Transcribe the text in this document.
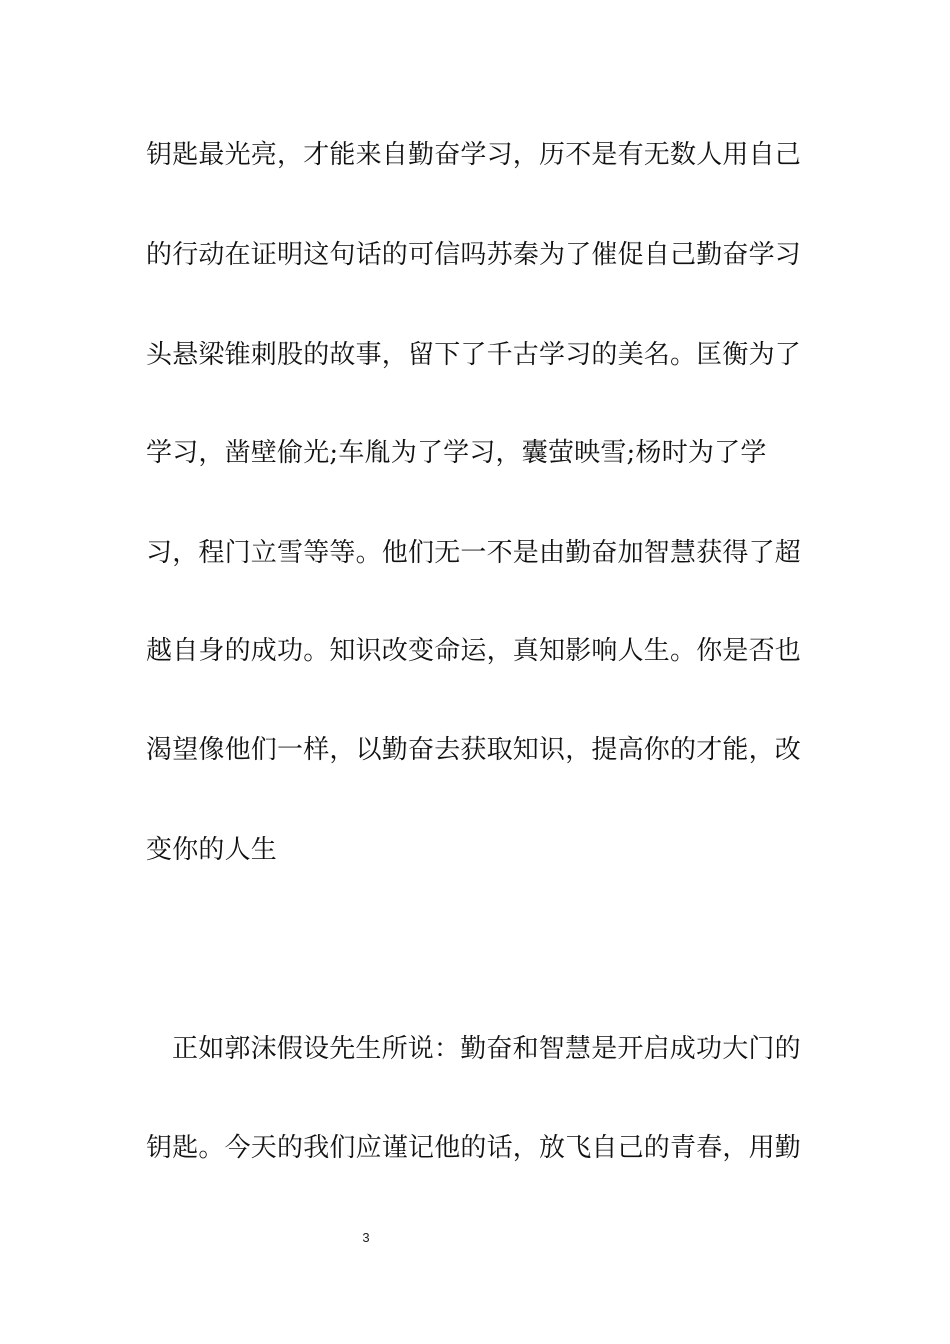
钥匙最光亮，才能来自勤奋学习，历不是有无数人用自己
的行动在证明这句话的可信吗苏秦为了催促自己勤奋学习
头悬梁锥刺股的故事，留下了千古学习的美名。匡衡为了
学习，凿壁偷光;车胤为了学习，囊萤映雪;杨时为了学
习，程门立雪等等。他们无一不是由勤奋加智慧获得了超
越自身的成功。知识改变命运，真知影响人生。你是否也
渴望像他们一样，以勤奋去获取知识，提高你的才能，改
变你的人生
正如郭沫假设先生所说：勤奋和智慧是开启成功大门的
钥匙。今天的我们应谨记他的话，放飞自己的青春，用勤
3
